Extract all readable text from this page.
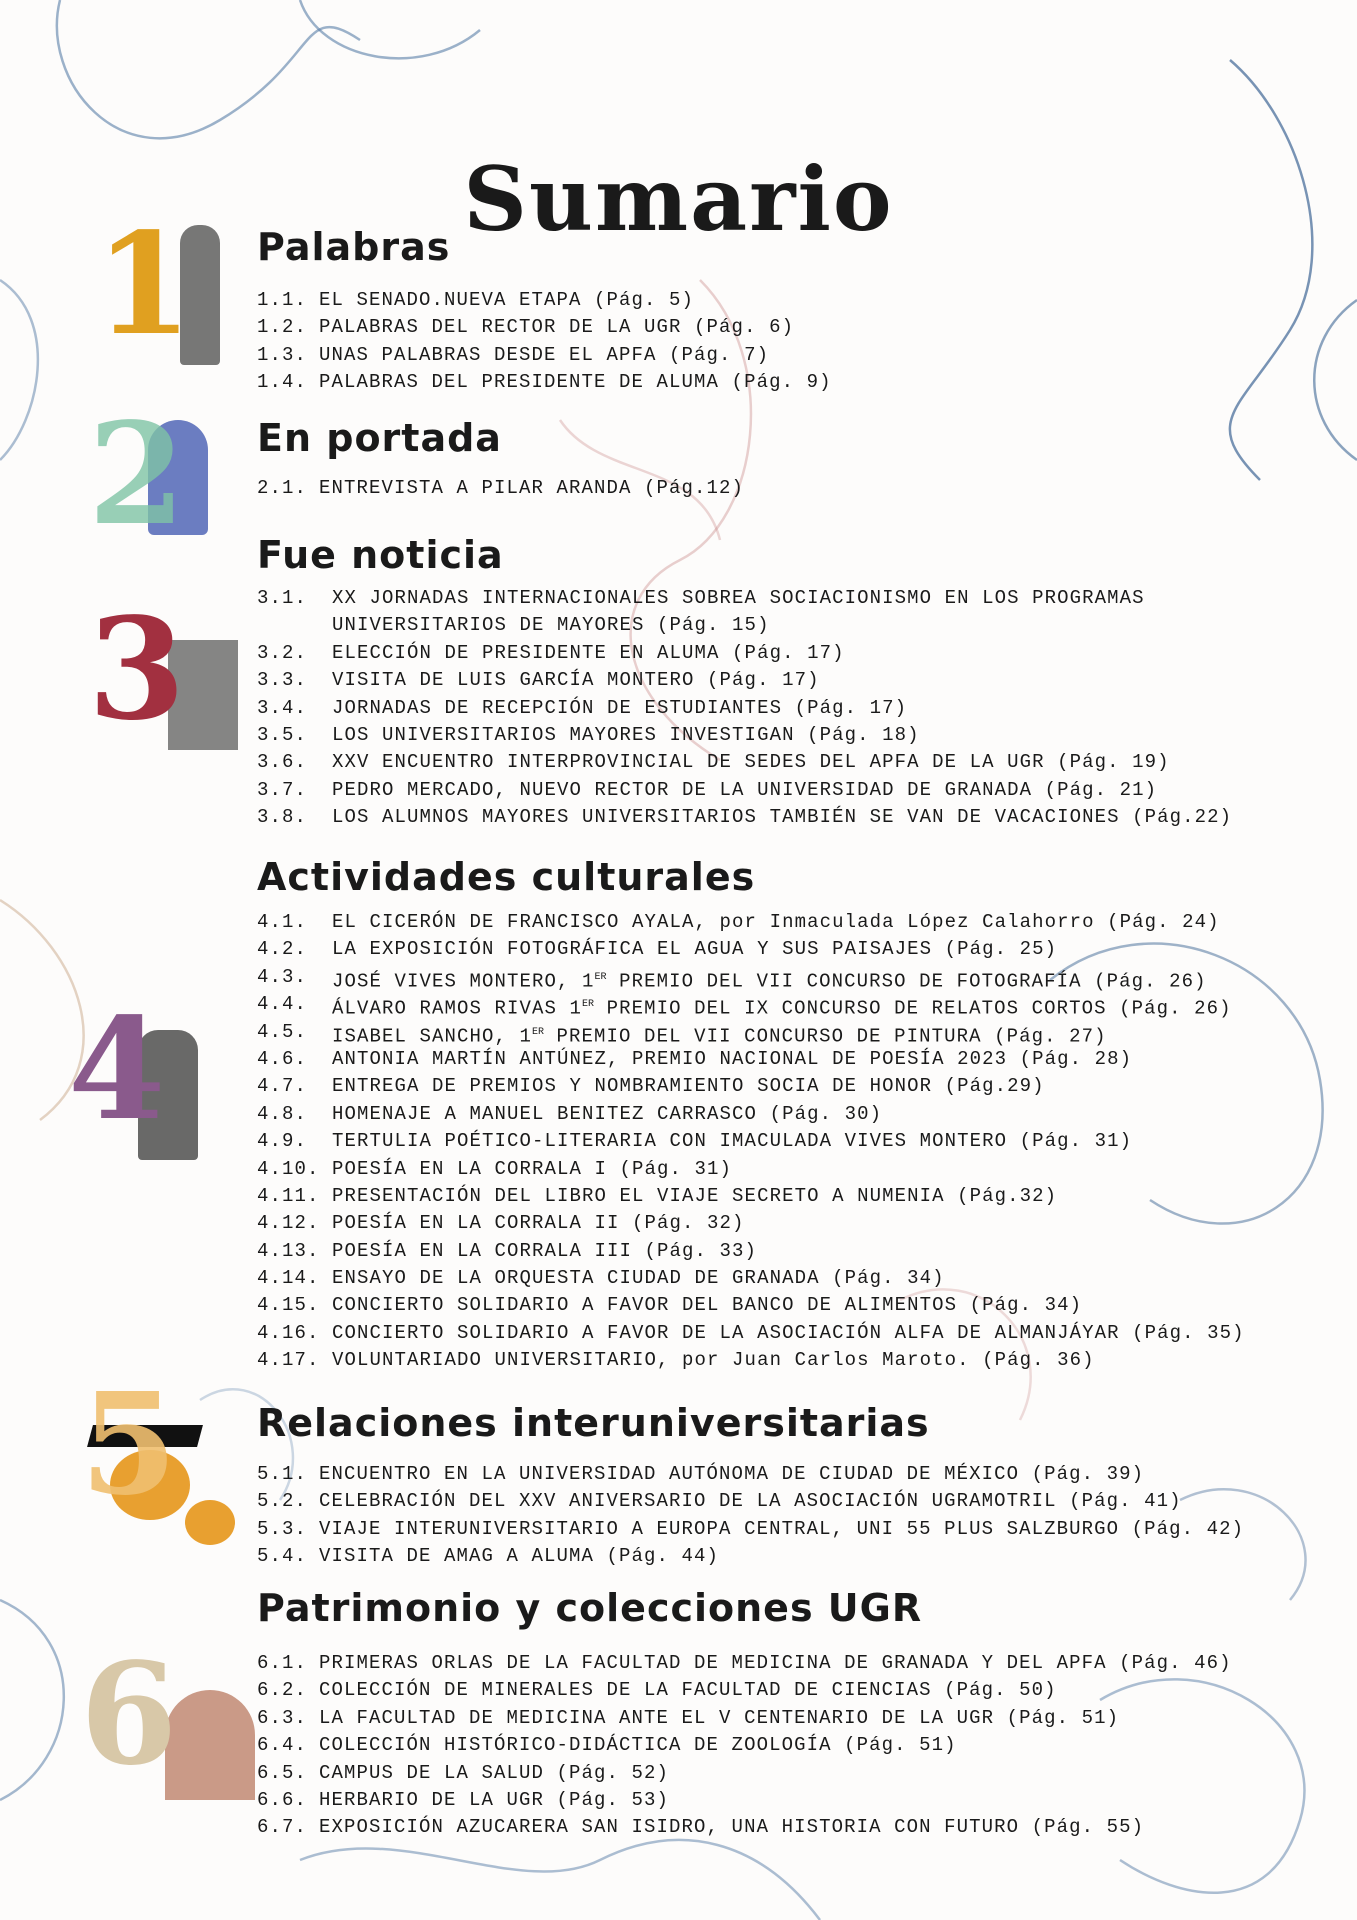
Sumario
1
2
3
4
5
6
Palabras
1.1. EL SENADO.NUEVA ETAPA (Pág. 5)
1.2. PALABRAS DEL RECTOR DE LA UGR (Pág. 6)
1.3. UNAS PALABRAS DESDE EL APFA (Pág. 7)
1.4. PALABRAS DEL PRESIDENTE DE ALUMA (Pág. 9)
En portada
2.1. ENTREVISTA A PILAR ARANDA (Pág.12)
Fue noticia
3.1.	XX JORNADAS INTERNACIONALES SOBREA SOCIACIONISMO EN LOS PROGRAMAS UNIVERSITARIOS DE MAYORES (Pág. 15)
3.2.	ELECCIÓN DE PRESIDENTE EN ALUMA (Pág. 17)
3.3.	VISITA DE LUIS GARCÍA MONTERO (Pág. 17)
3.4.	JORNADAS DE RECEPCIÓN DE ESTUDIANTES (Pág. 17)
3.5.	LOS UNIVERSITARIOS MAYORES INVESTIGAN (Pág. 18)
3.6.	XXV ENCUENTRO INTERPROVINCIAL DE SEDES DEL APFA DE LA UGR (Pág. 19)
3.7.	PEDRO MERCADO, NUEVO RECTOR DE LA UNIVERSIDAD DE GRANADA (Pág. 21)
3.8.	LOS ALUMNOS MAYORES UNIVERSITARIOS TAMBIÉN SE VAN DE VACACIONES (Pág.22)
Actividades culturales
4.1.	EL CICERÓN DE FRANCISCO AYALA, por Inmaculada López Calahorro (Pág. 24)
4.2.	LA EXPOSICIÓN FOTOGRÁFICA EL AGUA Y SUS PAISAJES (Pág. 25)
4.3.	JOSÉ VIVES MONTERO, 1ER PREMIO DEL VII CONCURSO DE FOTOGRAFÍA (Pág. 26)
4.4.	ÁLVARO RAMOS RIVAS 1ER PREMIO DEL IX CONCURSO DE RELATOS CORTOS (Pág. 26)
4.5.	ISABEL SANCHO, 1ER PREMIO DEL VII CONCURSO DE PINTURA (Pág. 27)
4.6.	ANTONIA MARTÍN ANTÚNEZ, PREMIO NACIONAL DE POESÍA 2023 (Pág. 28)
4.7.	ENTREGA DE PREMIOS Y NOMBRAMIENTO SOCIA DE HONOR (Pág.29)
4.8.	HOMENAJE A MANUEL BENITEZ CARRASCO (Pág. 30)
4.9.	TERTULIA POÉTICO-LITERARIA CON IMACULADA VIVES MONTERO (Pág. 31)
4.10. POESÍA EN LA CORRALA I (Pág. 31)
4.11. PRESENTACIÓN DEL LIBRO EL VIAJE SECRETO A NUMENIA (Pág.32)
4.12. POESÍA EN LA CORRALA II (Pág. 32)
4.13. POESÍA EN LA CORRALA III (Pág. 33)
4.14. ENSAYO DE LA ORQUESTA CIUDAD DE GRANADA (Pág. 34)
4.15. CONCIERTO SOLIDARIO A FAVOR DEL BANCO DE ALIMENTOS (Pág. 34)
4.16. CONCIERTO SOLIDARIO A FAVOR DE LA ASOCIACIÓN ALFA DE ALMANJÁYAR (Pág. 35)
4.17. VOLUNTARIADO UNIVERSITARIO, por Juan Carlos Maroto. (Pág. 36)
Relaciones interuniversitarias
5.1. ENCUENTRO EN LA UNIVERSIDAD AUTÓNOMA DE CIUDAD DE MÉXICO (Pág. 39)
5.2. CELEBRACIÓN DEL XXV ANIVERSARIO DE LA ASOCIACIÓN UGRAMOTRIL (Pág. 41)
5.3. VIAJE INTERUNIVERSITARIO A EUROPA CENTRAL, UNI 55 PLUS SALZBURGO (Pág. 42)
5.4. VISITA DE AMAG A ALUMA (Pág. 44)
Patrimonio y colecciones UGR
6.1. PRIMERAS ORLAS DE LA FACULTAD DE MEDICINA DE GRANADA Y DEL APFA (Pág. 46)
6.2. COLECCIÓN DE MINERALES DE LA FACULTAD DE CIENCIAS (Pág. 50)
6.3. LA FACULTAD DE MEDICINA ANTE EL V CENTENARIO DE LA UGR (Pág. 51)
6.4. COLECCIÓN HISTÓRICO-DIDÁCTICA DE ZOOLOGÍA (Pág. 51)
6.5. CAMPUS DE LA SALUD (Pág. 52)
6.6. HERBARIO DE LA UGR (Pág. 53)
6.7. EXPOSICIÓN AZUCARERA SAN ISIDRO, UNA HISTORIA CON FUTURO (Pág. 55)
